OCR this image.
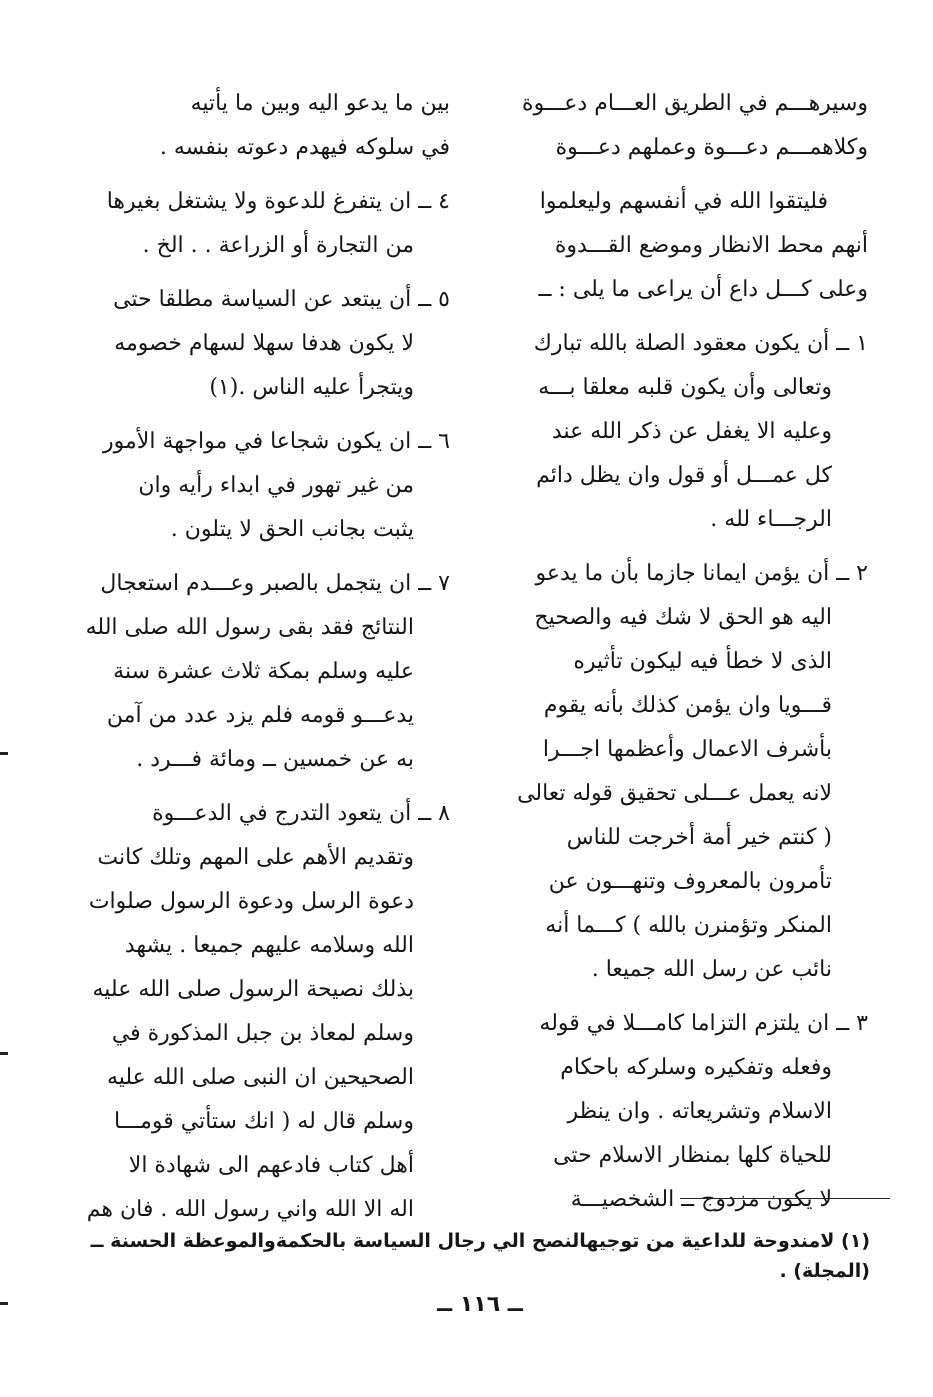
وسيرهـــم في الطريق العـــام دعـــوة
وكلاهمـــم دعـــوة وعملهم دعـــوة
فليتقوا الله في أنفسهم وليعلموا
أنهم محط الانظار وموضع القـــدوة
وعلى كـــل داع أن يراعى ما يلى : ــ
١ ــ أن يكون معقود الصلة بالله تبارك
وتعالى وأن يكون قلبه معلقا بـــه
وعليه الا يغفل عن ذكر الله عند
كل عمـــل أو قول وان يظل دائم
الرجـــاء لله .
٢ ــ أن يؤمن ايمانا جازما بأن ما يدعو
اليه هو الحق لا شك فيه والصحيح
الذى لا خطأ فيه ليكون تأثيره
قـــويا وان يؤمن كذلك بأنه يقوم
بأشرف الاعمال وأعظمها اجـــرا
لانه يعمل عـــلى تحقيق قوله تعالى
( كنتم خير أمة أخرجت للناس
تأمرون بالمعروف وتنهـــون عن
المنكر وتؤمنرن بالله ) كـــما أنه
نائب عن رسل الله جميعا .
٣ ــ ان يلتزم التزاما كامـــلا في قوله
وفعله وتفكيره وسلركه باحكام
الاسلام وتشريعاته . وان ينظر
للحياة كلها بمنظار الاسلام حتى
لا يكون مزدوج ــ الشخصيـــة
بين ما يدعو اليه وبين ما يأتيه
في سلوكه فيهدم دعوته بنفسه .
٤ ــ ان يتفرغ للدعوة ولا يشتغل بغيرها
من التجارة أو الزراعة . . الخ .
٥ ــ أن يبتعد عن السياسة مطلقا حتى
لا يكون هدفا سهلا لسهام خصومه
ويتجرأ عليه الناس .(١)
٦ ــ ان يكون شجاعا في مواجهة الأمور
من غير تهور في ابداء رأيه وان
يثبت بجانب الحق لا يتلون .
٧ ــ ان يتجمل بالصبر وعـــدم استعجال
النتائج فقد بقى رسول الله صلى الله
عليه وسلم بمكة ثلاث عشرة سنة
يدعـــو قومه فلم يزد عدد من آمن
به عن خمسين ــ ومائة فـــرد .
٨ ــ أن يتعود التدرج في الدعـــوة
وتقديم الأهم على المهم وتلك كانت
دعوة الرسل ودعوة الرسول صلوات
الله وسلامه عليهم جميعا . يشهد
بذلك نصيحة الرسول صلى الله عليه
وسلم لمعاذ بن جبل المذكورة في
الصحيحين ان النبى صلى الله عليه
وسلم قال له ( انك ستأتي قومـــا
أهل كتاب فادعهم الى شهادة الا
اله الا الله واني رسول الله . فان هم
(١) لامندوحة للداعية من توجيهالنصح الي رجال السياسة بالحكمةوالموعظة الحسنة ــ (المجلة) .
ــ ١١٦ ــ
